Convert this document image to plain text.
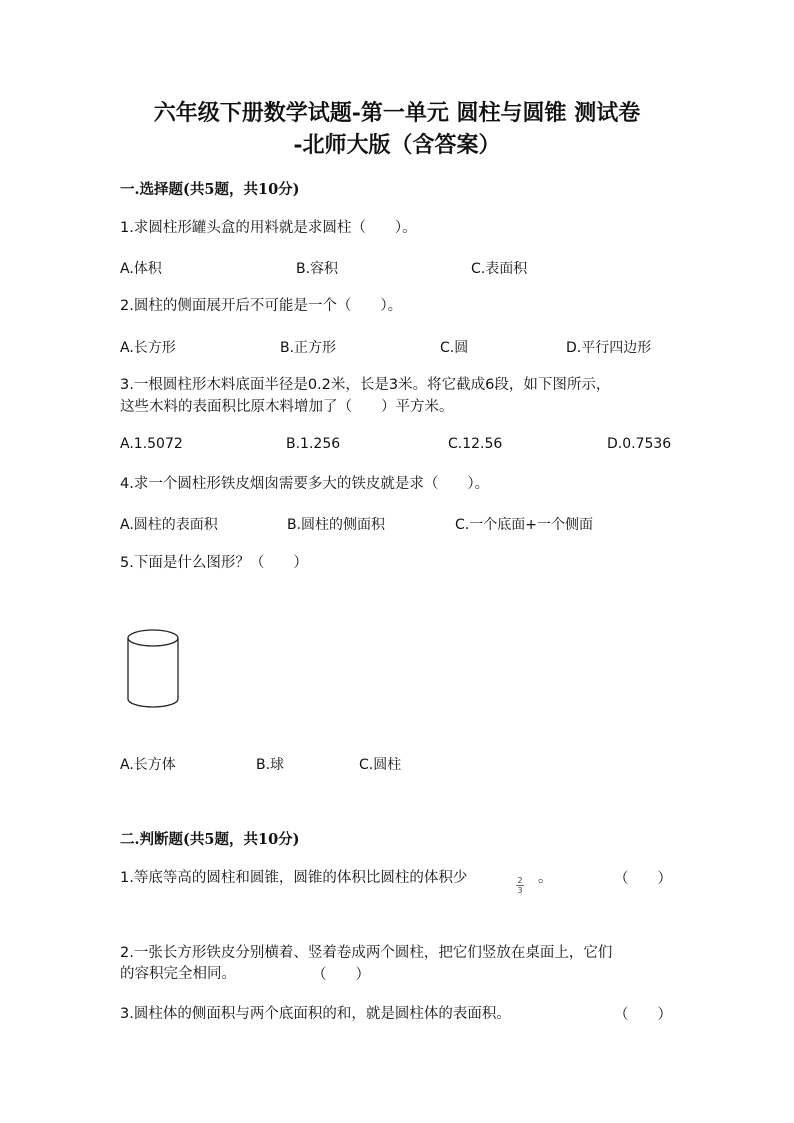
六年级下册数学试题-第一单元 圆柱与圆锥 测试卷
-北师大版（含答案）
一.选择题(共5题，共10分)
1.求圆柱形罐头盒的用料就是求圆柱（　　）。
A.体积	B.容积	C.表面积
2.圆柱的侧面展开后不可能是一个（　　）。
A.长方形	B.正方形	C.圆	D.平行四边形
3.一根圆柱形木料底面半径是0.2米，长是3米。将它截成6段，如下图所示，
这些木料的表面积比原木料增加了（　　）平方米。
A.1.5072	B.1.256	C.12.56	D.0.7536
4.求一个圆柱形铁皮烟囱需要多大的铁皮就是求（　　）。
A.圆柱的表面积	B.圆柱的侧面积	C.一个底面+一个侧面
5.下面是什么图形？（　　）
A.长方体	B.球	C.圆柱
二.判断题(共5题，共10分)
1.等底等高的圆柱和圆锥，圆锥的体积比圆柱的体积少	2
3
。	（　　）
2.一张长方形铁皮分别横着、竖着卷成两个圆柱，把它们竖放在桌面上，它们
的容积完全相同。	（　　）
3.圆柱体的侧面积与两个底面积的和，就是圆柱体的表面积。	（　　）
